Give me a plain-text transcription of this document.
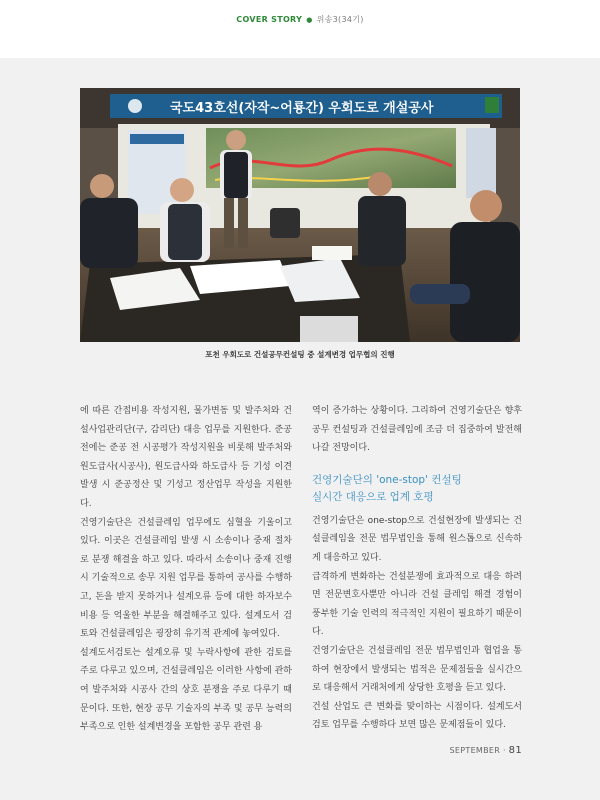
COVER STORY ● 위송3(34기)
국도43호선(자작~어룡간) 우회도로 개설공사
포천 우회도로 건설공무컨설팅 중 설계변경 업무협의 진행

에 따른 간접비용 작성지원, 물가변동 및 발주처와 건설사업관리단(구, 감리단) 대응 업무를 지원한다. 준공 전에는 준공 전 시공평가 작성지원을 비롯해 발주처와 원도급사(시공사), 원도급사와 하도급사 등 기성 이견 발생 시 준공정산 및 기성고 정산업무 작성을 지원한다.

건영기술단은 건설클레임 업무에도 심혈을 기울이고 있다. 이곳은 건설클레임 발생 시 소송이나 중재 절차로 분쟁 해결을 하고 있다. 따라서 소송이나 중재 진행 시 기술적으로 송무 지원 업무를 통하여 공사를 수행하고, 돈을 받지 못하거나 설계오류 등에 대한 하자보수비용 등 억울한 부분을 해결해주고 있다. 설계도서 검토와 건설클레임은 굉장히 유기적 관계에 놓여있다.

설계도서검토는 설계오류 및 누락사항에 관한 검토를 주로 다루고 있으며, 건설클레임은 이러한 사항에 관하여 발주처와 시공사 간의 상호 분쟁을 주로 다루기 때문이다. 또한, 현장 공무 기술자의 부족 및 공무 능력의 부족으로 인한 설계변경을 포함한 공무 관련 용

역이 증가하는 상황이다. 그리하여 건영기술단은 향후 공무 컨설팅과 건설클레임에 조금 더 집중하여 발전해 나갈 전망이다.

건영기술단의 'one-stop' 컨설팅
실시간 대응으로 업계 호평

건영기술단은 one-stop으로 건설현장에 발생되는 건설클레임을 전문 법무법인을 통해 원스톱으로 신속하게 대응하고 있다.

급격하게 변화하는 건설분쟁에 효과적으로 대응 하려면 전문변호사뿐만 아니라 건설 클레임 해결 경험이 풍부한 기술 인력의 적극적인 지원이 필요하기 때문이다.

건영기술단은 건설클레임 전문 법무법인과 협업을 통하여 현장에서 발생되는 법적은 문제점들을 실시간으로 대응해서 거래처에게 상당한 호평을 듣고 있다.

건설 산업도 큰 변화를 맞이하는 시점이다. 설계도서 검토 업무를 수행하다 보면 많은 문제점들이 있다.

SEPTEMBER · 81
